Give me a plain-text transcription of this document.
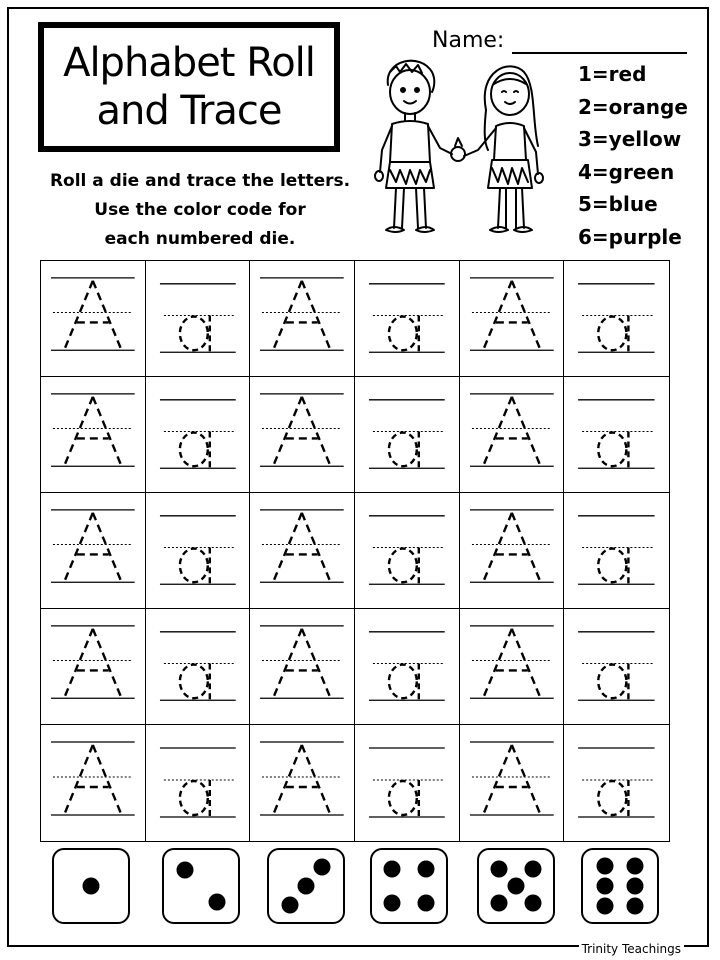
Alphabet Roll
and Trace
Roll a die and trace the letters.
Use the color code for
each numbered die.
Name:
1=red
2=orange
3=yellow
4=green
5=blue
6=purple
Trinity Teachings
